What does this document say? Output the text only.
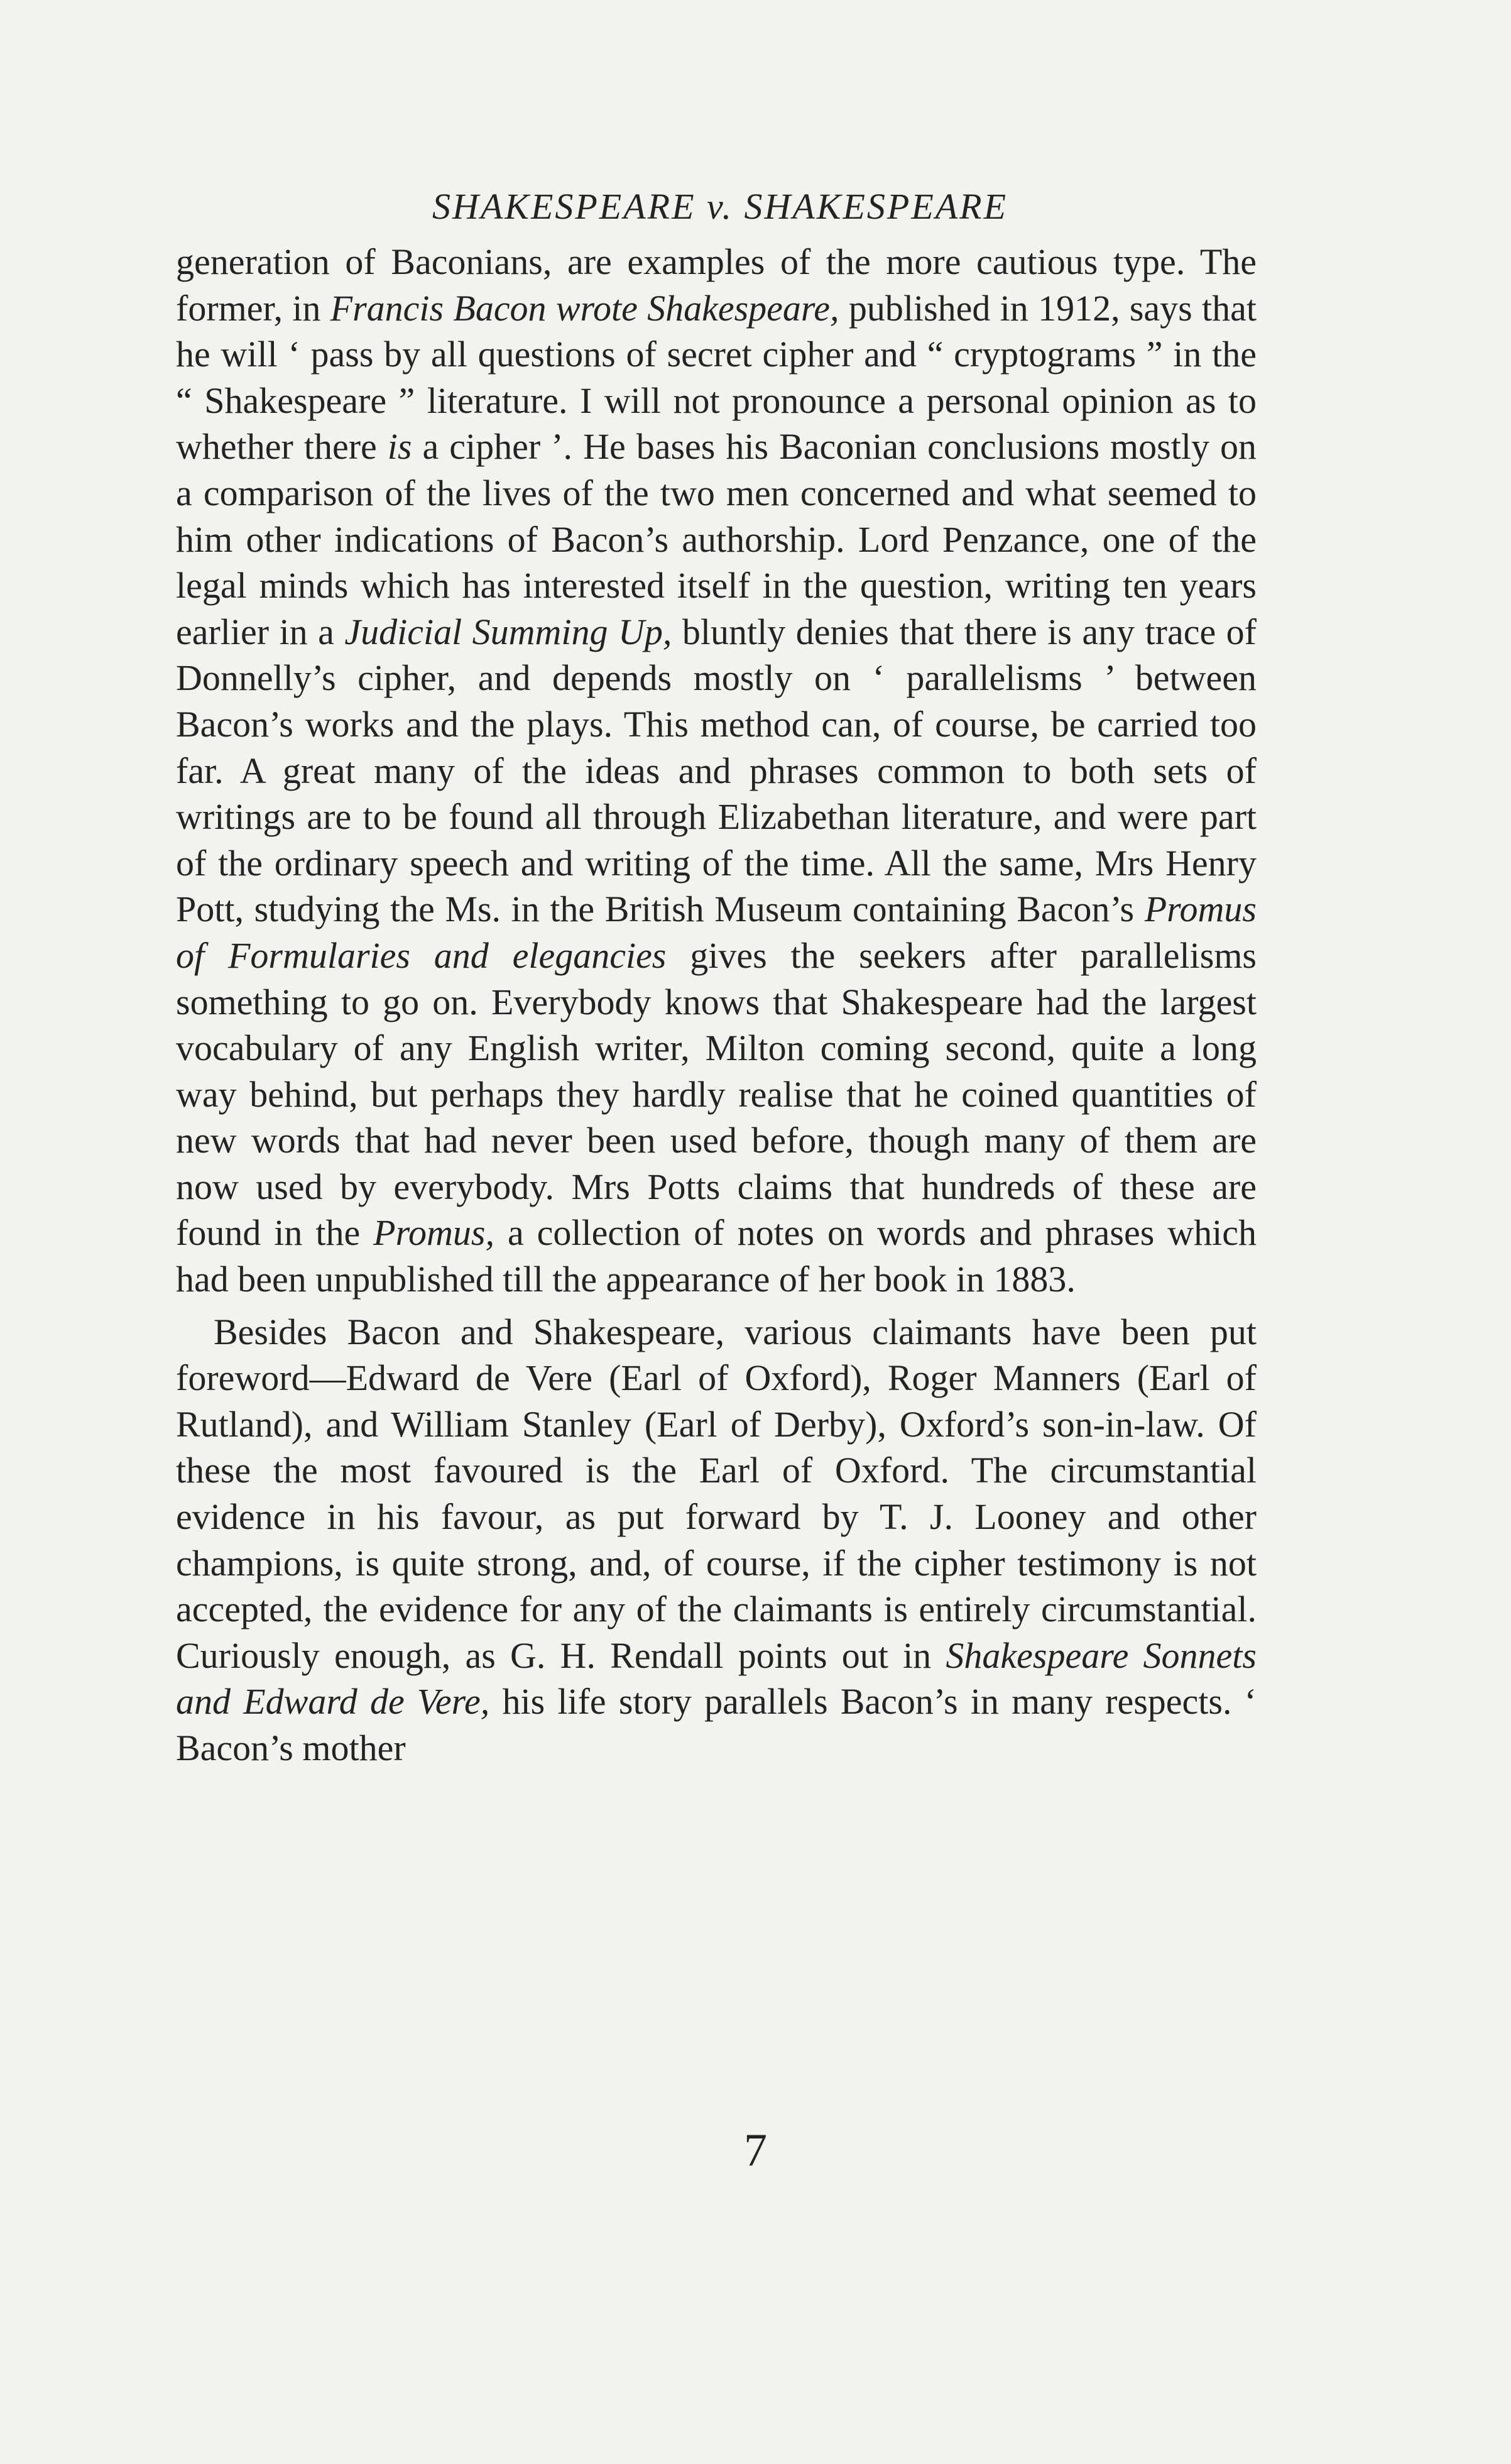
SHAKESPEARE v. SHAKESPEARE

generation of Baconians, are examples of the more cautious type. The former, in Francis Bacon wrote Shakespeare, published in 1912, says that he will ‘ pass by all questions of secret cipher and “ cryptograms ” in the “ Shakespeare ” literature. I will not pronounce a personal opinion as to whether there is a cipher ’. He bases his Baconian conclusions mostly on a comparison of the lives of the two men concerned and what seemed to him other indications of Bacon’s authorship. Lord Penzance, one of the legal minds which has interested itself in the question, writing ten years earlier in a Judicial Summing Up, bluntly denies that there is any trace of Donnelly’s cipher, and depends mostly on ‘ parallelisms ’ between Bacon’s works and the plays. This method can, of course, be carried too far. A great many of the ideas and phrases common to both sets of writings are to be found all through Elizabethan literature, and were part of the ordinary speech and writing of the time. All the same, Mrs Henry Pott, studying the Ms. in the British Museum containing Bacon’s Promus of Formularies and elegancies gives the seekers after parallelisms something to go on. Everybody knows that Shakespeare had the largest vocabulary of any English writer, Milton coming second, quite a long way behind, but perhaps they hardly realise that he coined quantities of new words that had never been used before, though many of them are now used by everybody. Mrs Potts claims that hundreds of these are found in the Promus, a collection of notes on words and phrases which had been unpublished till the appearance of her book in 1883.

Besides Bacon and Shakespeare, various claimants have been put foreword—Edward de Vere (Earl of Oxford), Roger Manners (Earl of Rutland), and William Stanley (Earl of Derby), Oxford’s son-in-law. Of these the most favoured is the Earl of Oxford. The circumstantial evidence in his favour, as put forward by T. J. Looney and other champions, is quite strong, and, of course, if the cipher testimony is not accepted, the evidence for any of the claimants is entirely circumstantial. Curiously enough, as G. H. Rendall points out in Shakespeare Sonnets and Edward de Vere, his life story parallels Bacon’s in many respects. ‘ Bacon’s mother

7
